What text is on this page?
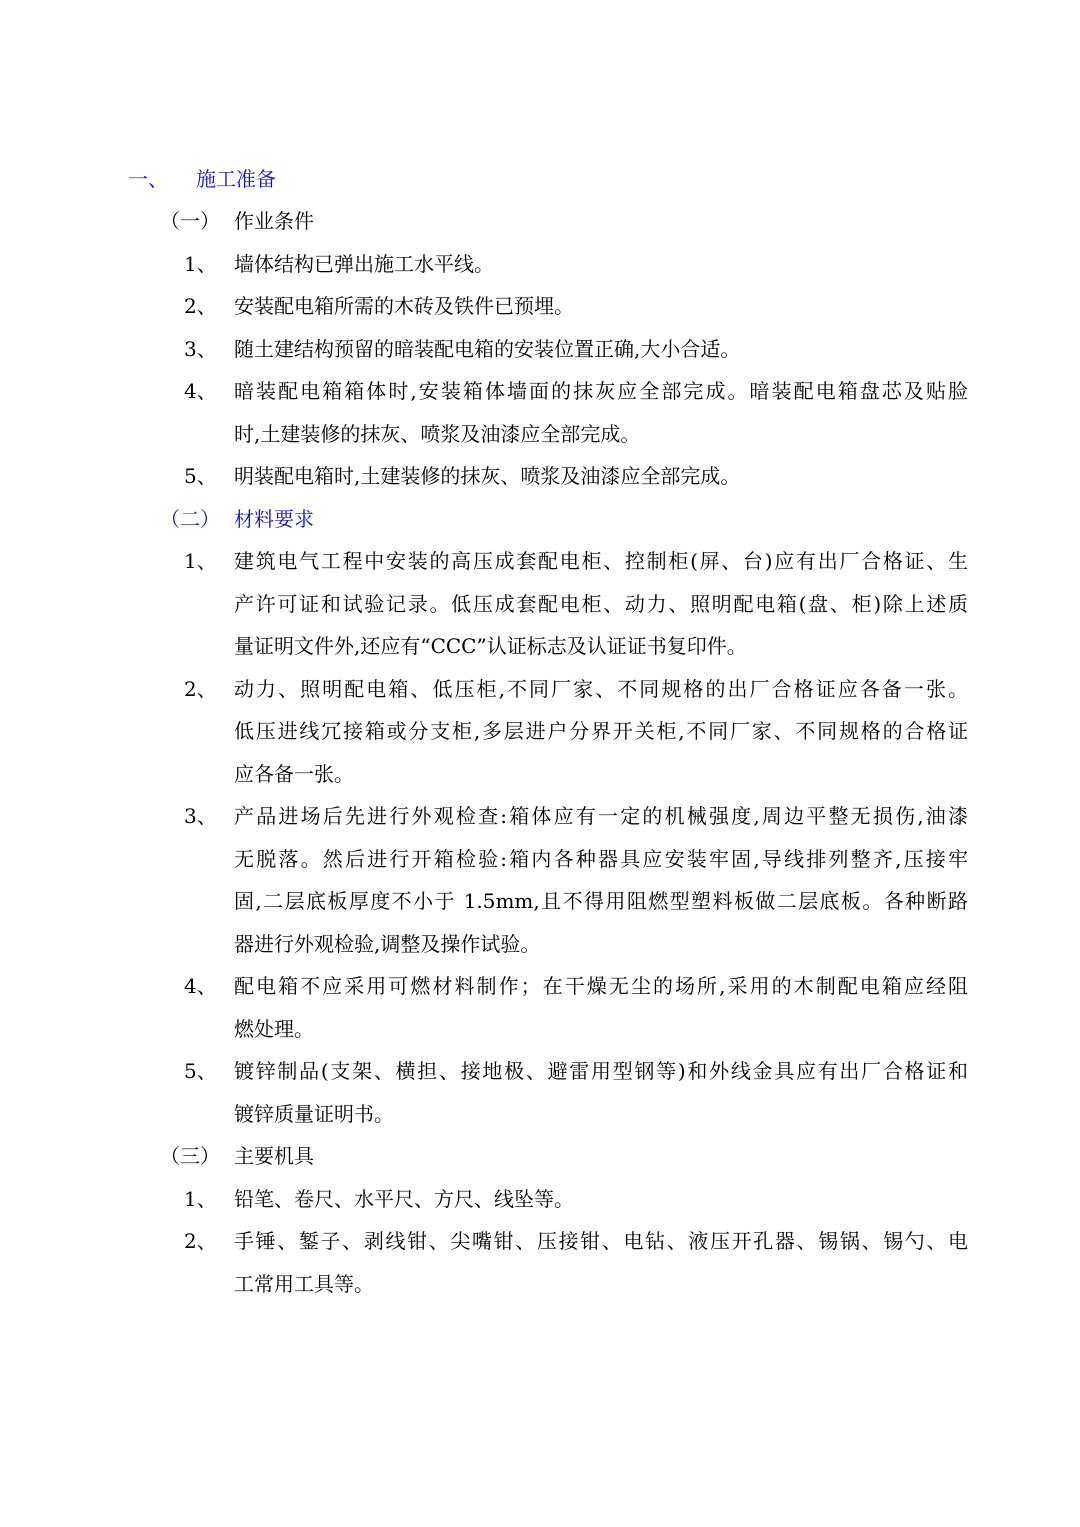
一、 施工准备
（一） 作业条件
1、 墙体结构已弹出施工水平线。
2、 安装配电箱所需的木砖及铁件已预埋。
3、 随土建结构预留的暗装配电箱的安装位置正确,大小合适。
4、 暗装配电箱箱体时,安装箱体墙面的抹灰应全部完成。暗装配电箱盘芯及贴脸
时,土建装修的抹灰、喷浆及油漆应全部完成。
5、 明装配电箱时,土建装修的抹灰、喷浆及油漆应全部完成。
（二） 材料要求
1、 建筑电气工程中安装的高压成套配电柜、控制柜(屏、台)应有出厂合格证、生
产许可证和试验记录。低压成套配电柜、动力、照明配电箱(盘、柜)除上述质
量证明文件外,还应有“CCC”认证标志及认证证书复印件。
2、 动力、照明配电箱、低压柜,不同厂家、不同规格的出厂合格证应各备一张。
低压进线冗接箱或分支柜,多层进户分界开关柜,不同厂家、不同规格的合格证
应各备一张。
3、 产品进场后先进行外观检查:箱体应有一定的机械强度,周边平整无损伤,油漆
无脱落。然后进行开箱检验:箱内各种器具应安装牢固,导线排列整齐,压接牢
固,二层底板厚度不小于 1.5mm,且不得用阻燃型塑料板做二层底板。各种断路
器进行外观检验,调整及操作试验。
4、 配电箱不应采用可燃材料制作；在干燥无尘的场所,采用的木制配电箱应经阻
燃处理。
5、 镀锌制品(支架、横担、接地极、避雷用型钢等)和外线金具应有出厂合格证和
镀锌质量证明书。
（三） 主要机具
1、 铅笔、卷尺、水平尺、方尺、线坠等。
2、 手锤、錾子、剥线钳、尖嘴钳、压接钳、电钻、液压开孔器、锡锅、锡勺、电
工常用工具等。
